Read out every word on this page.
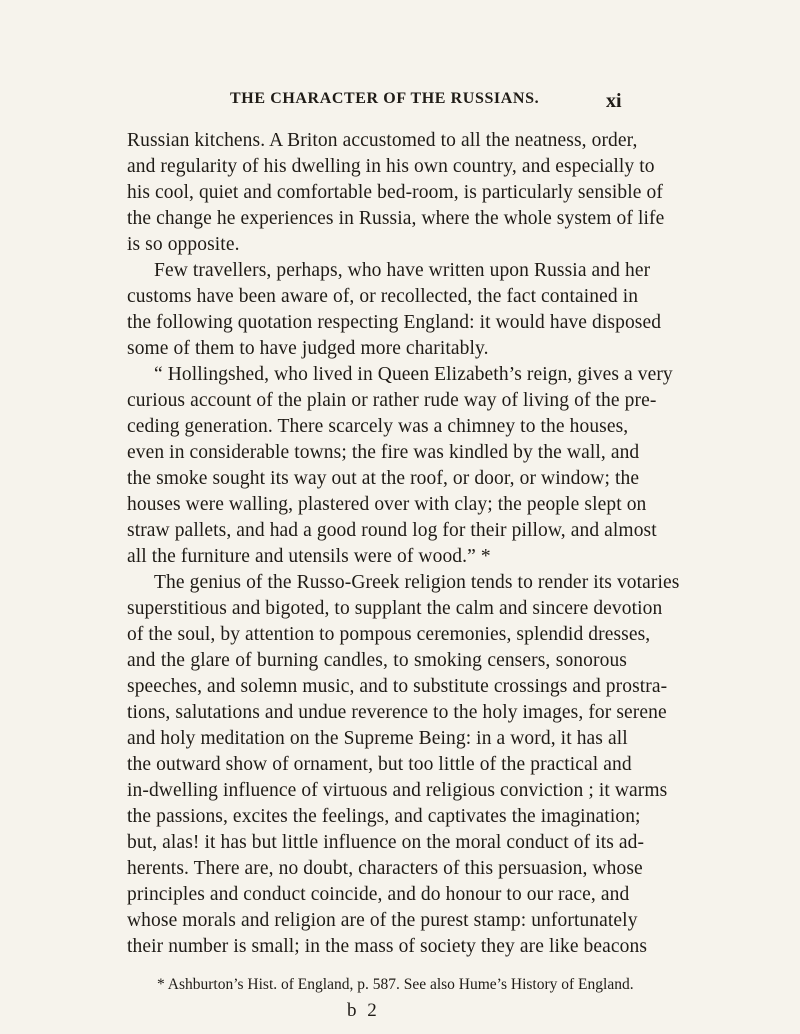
THE CHARACTER OF THE RUSSIANS.	xi
Russian kitchens. A Briton accustomed to all the neatness, order,
and regularity of his dwelling in his own country, and especially to
his cool, quiet and comfortable bed-room, is particularly sensible of
the change he experiences in Russia, where the whole system of life
is so opposite.
Few travellers, perhaps, who have written upon Russia and her
customs have been aware of, or recollected, the fact contained in
the following quotation respecting England: it would have disposed
some of them to have judged more charitably.
“ Hollingshed, who lived in Queen Elizabeth’s reign, gives a very
curious account of the plain or rather rude way of living of the pre-
ceding generation. There scarcely was a chimney to the houses,
even in considerable towns; the fire was kindled by the wall, and
the smoke sought its way out at the roof, or door, or window; the
houses were walling, plastered over with clay; the people slept on
straw pallets, and had a good round log for their pillow, and almost
all the furniture and utensils were of wood.” *
The genius of the Russo-Greek religion tends to render its votaries
superstitious and bigoted, to supplant the calm and sincere devotion
of the soul, by attention to pompous ceremonies, splendid dresses,
and the glare of burning candles, to smoking censers, sonorous
speeches, and solemn music, and to substitute crossings and prostra-
tions, salutations and undue reverence to the holy images, for serene
and holy meditation on the Supreme Being: in a word, it has all
the outward show of ornament, but too little of the practical and
in-dwelling influence of virtuous and religious conviction ; it warms
the passions, excites the feelings, and captivates the imagination;
but, alas! it has but little influence on the moral conduct of its ad-
herents. There are, no doubt, characters of this persuasion, whose
principles and conduct coincide, and do honour to our race, and
whose morals and religion are of the purest stamp: unfortunately
their number is small; in the mass of society they are like beacons
* Ashburton’s Hist. of England, p. 587. See also Hume’s History of England.
b 2
